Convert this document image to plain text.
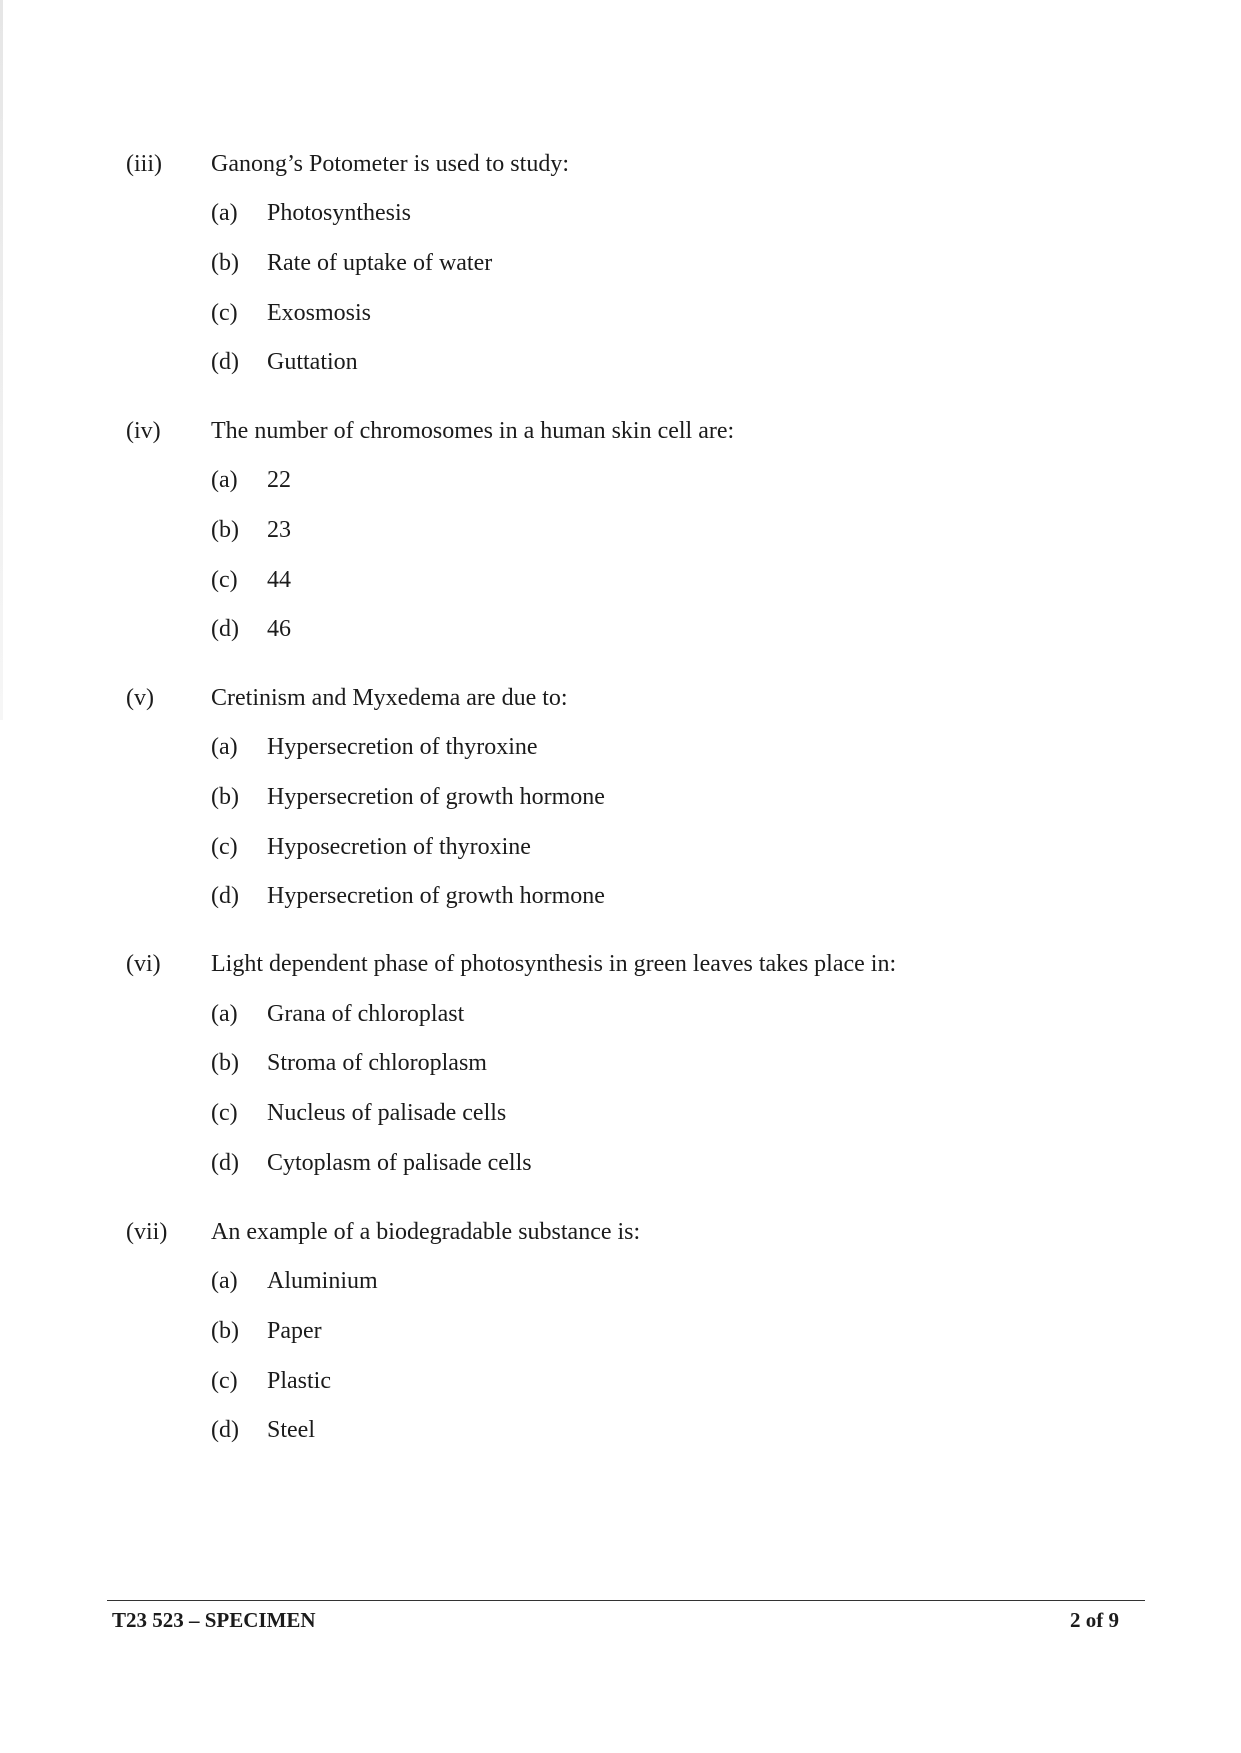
(iii) Ganong’s Potometer is used to study:
(a) Photosynthesis
(b) Rate of uptake of water
(c) Exosmosis
(d) Guttation
(iv) The number of chromosomes in a human skin cell are:
(a) 22
(b) 23
(c) 44
(d) 46
(v) Cretinism and Myxedema are due to:
(a) Hypersecretion of thyroxine
(b) Hypersecretion of growth hormone
(c) Hyposecretion of thyroxine
(d) Hypersecretion of growth hormone
(vi) Light dependent phase of photosynthesis in green leaves takes place in:
(a) Grana of chloroplast
(b) Stroma of chloroplasm
(c) Nucleus of palisade cells
(d) Cytoplasm of palisade cells
(vii) An example of a biodegradable substance is:
(a) Aluminium
(b) Paper
(c) Plastic
(d) Steel
T23 523 – SPECIMEN	2 of 9
